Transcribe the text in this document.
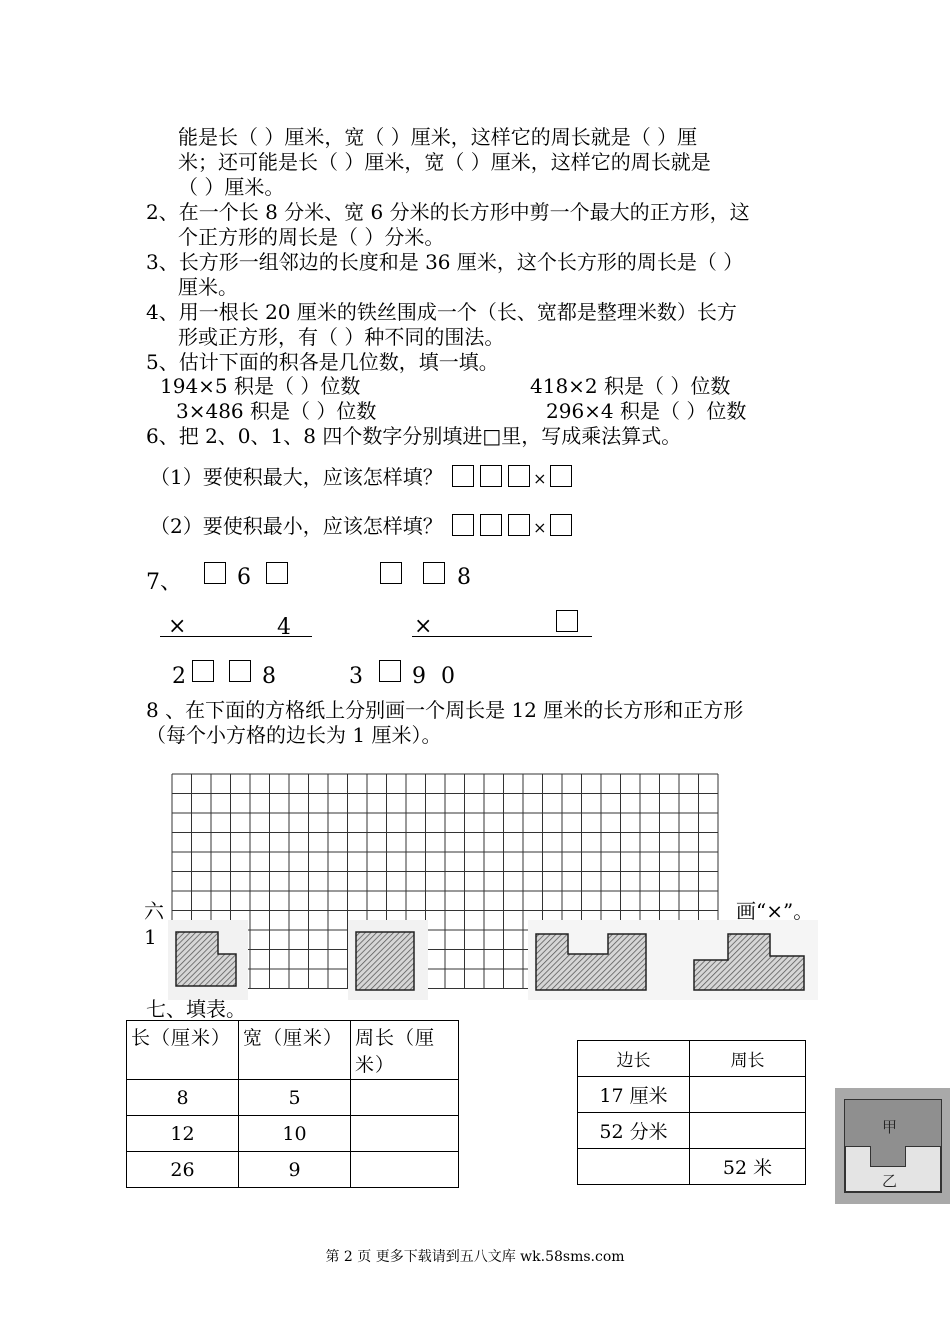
能是长（ ）厘米，宽（ ）厘米，这样它的周长就是（ ）厘
米；还可能是长（ ）厘米，宽（ ）厘米，这样它的周长就是
（ ）厘米。
2、在一个长 8 分米、宽 6 分米的长方形中剪一个最大的正方形，这
个正方形的周长是（ ）分米。
3、长方形一组邻边的长度和是 36 厘米，这个长方形的周长是（ ）
厘米。
4、用一根长 20 厘米的铁丝围成一个（长、宽都是整理米数）长方
形或正方形，有（ ）种不同的围法。
5、估计下面的积各是几位数，填一填。
194×5 积是（ ）位数	418×2 积是（ ）位数
3×486 积是（ ）位数	296×4 积是（ ）位数
6、把 2、0、1、8 四个数字分别填进□里，写成乘法算式。
（1）要使积最大，应该怎样填？	×
（2）要使积最小，应该怎样填？	×
7、	6	8
×	4	×
2	8	3 9 0
8 、在下面的方格纸上分别画一个周长是 12 厘米的长方形和正方形
（每个小方格的边长为 1 厘米）。
六
1
画“×”。
七、填表。
长（厘米）	宽（厘米）	周长（厘米）
8	5	
12	10	
26	9	
边长	周长
17 厘米	
52 分米	
	52 米
甲
乙
第 2 页 更多下载请到五八文库 wk.58sms.com
